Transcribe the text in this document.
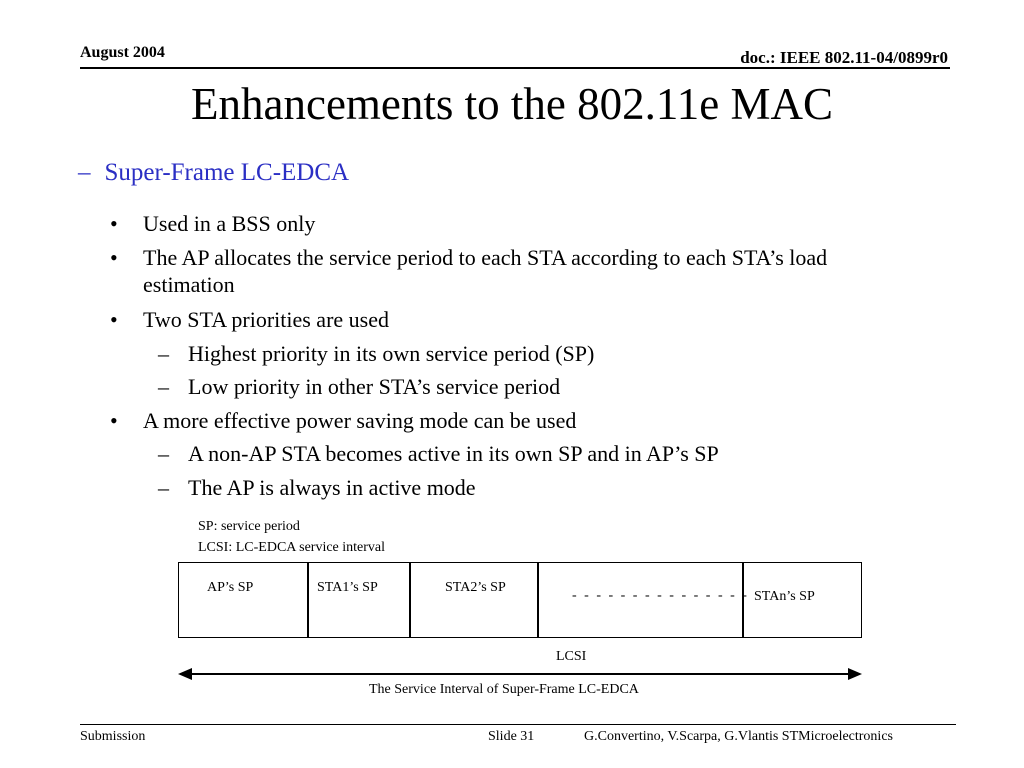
August 2004	doc.: IEEE 802.11-04/0899r0
Enhancements to the 802.11e MAC
– Super-Frame LC-EDCA
• Used in a BSS only
• The AP allocates the service period to each STA according to each STA’s load
estimation
• Two STA priorities are used
– Highest priority in its own service period (SP)
– Low priority in other STA’s service period
• A more effective power saving mode can be used
– A non-AP STA becomes active in its own SP and in AP’s SP
– The AP is always in active mode
SP: service period
LCSI: LC-EDCA service interval
AP’s SP	STA1’s SP	STA2’s SP
- - - - - - - - - - - - - - - STAn’s SP
LCSI
The Service Interval of Super-Frame LC-EDCA
Submission	Slide 31	G.Convertino, V.Scarpa, G.Vlantis STMicroelectronics
